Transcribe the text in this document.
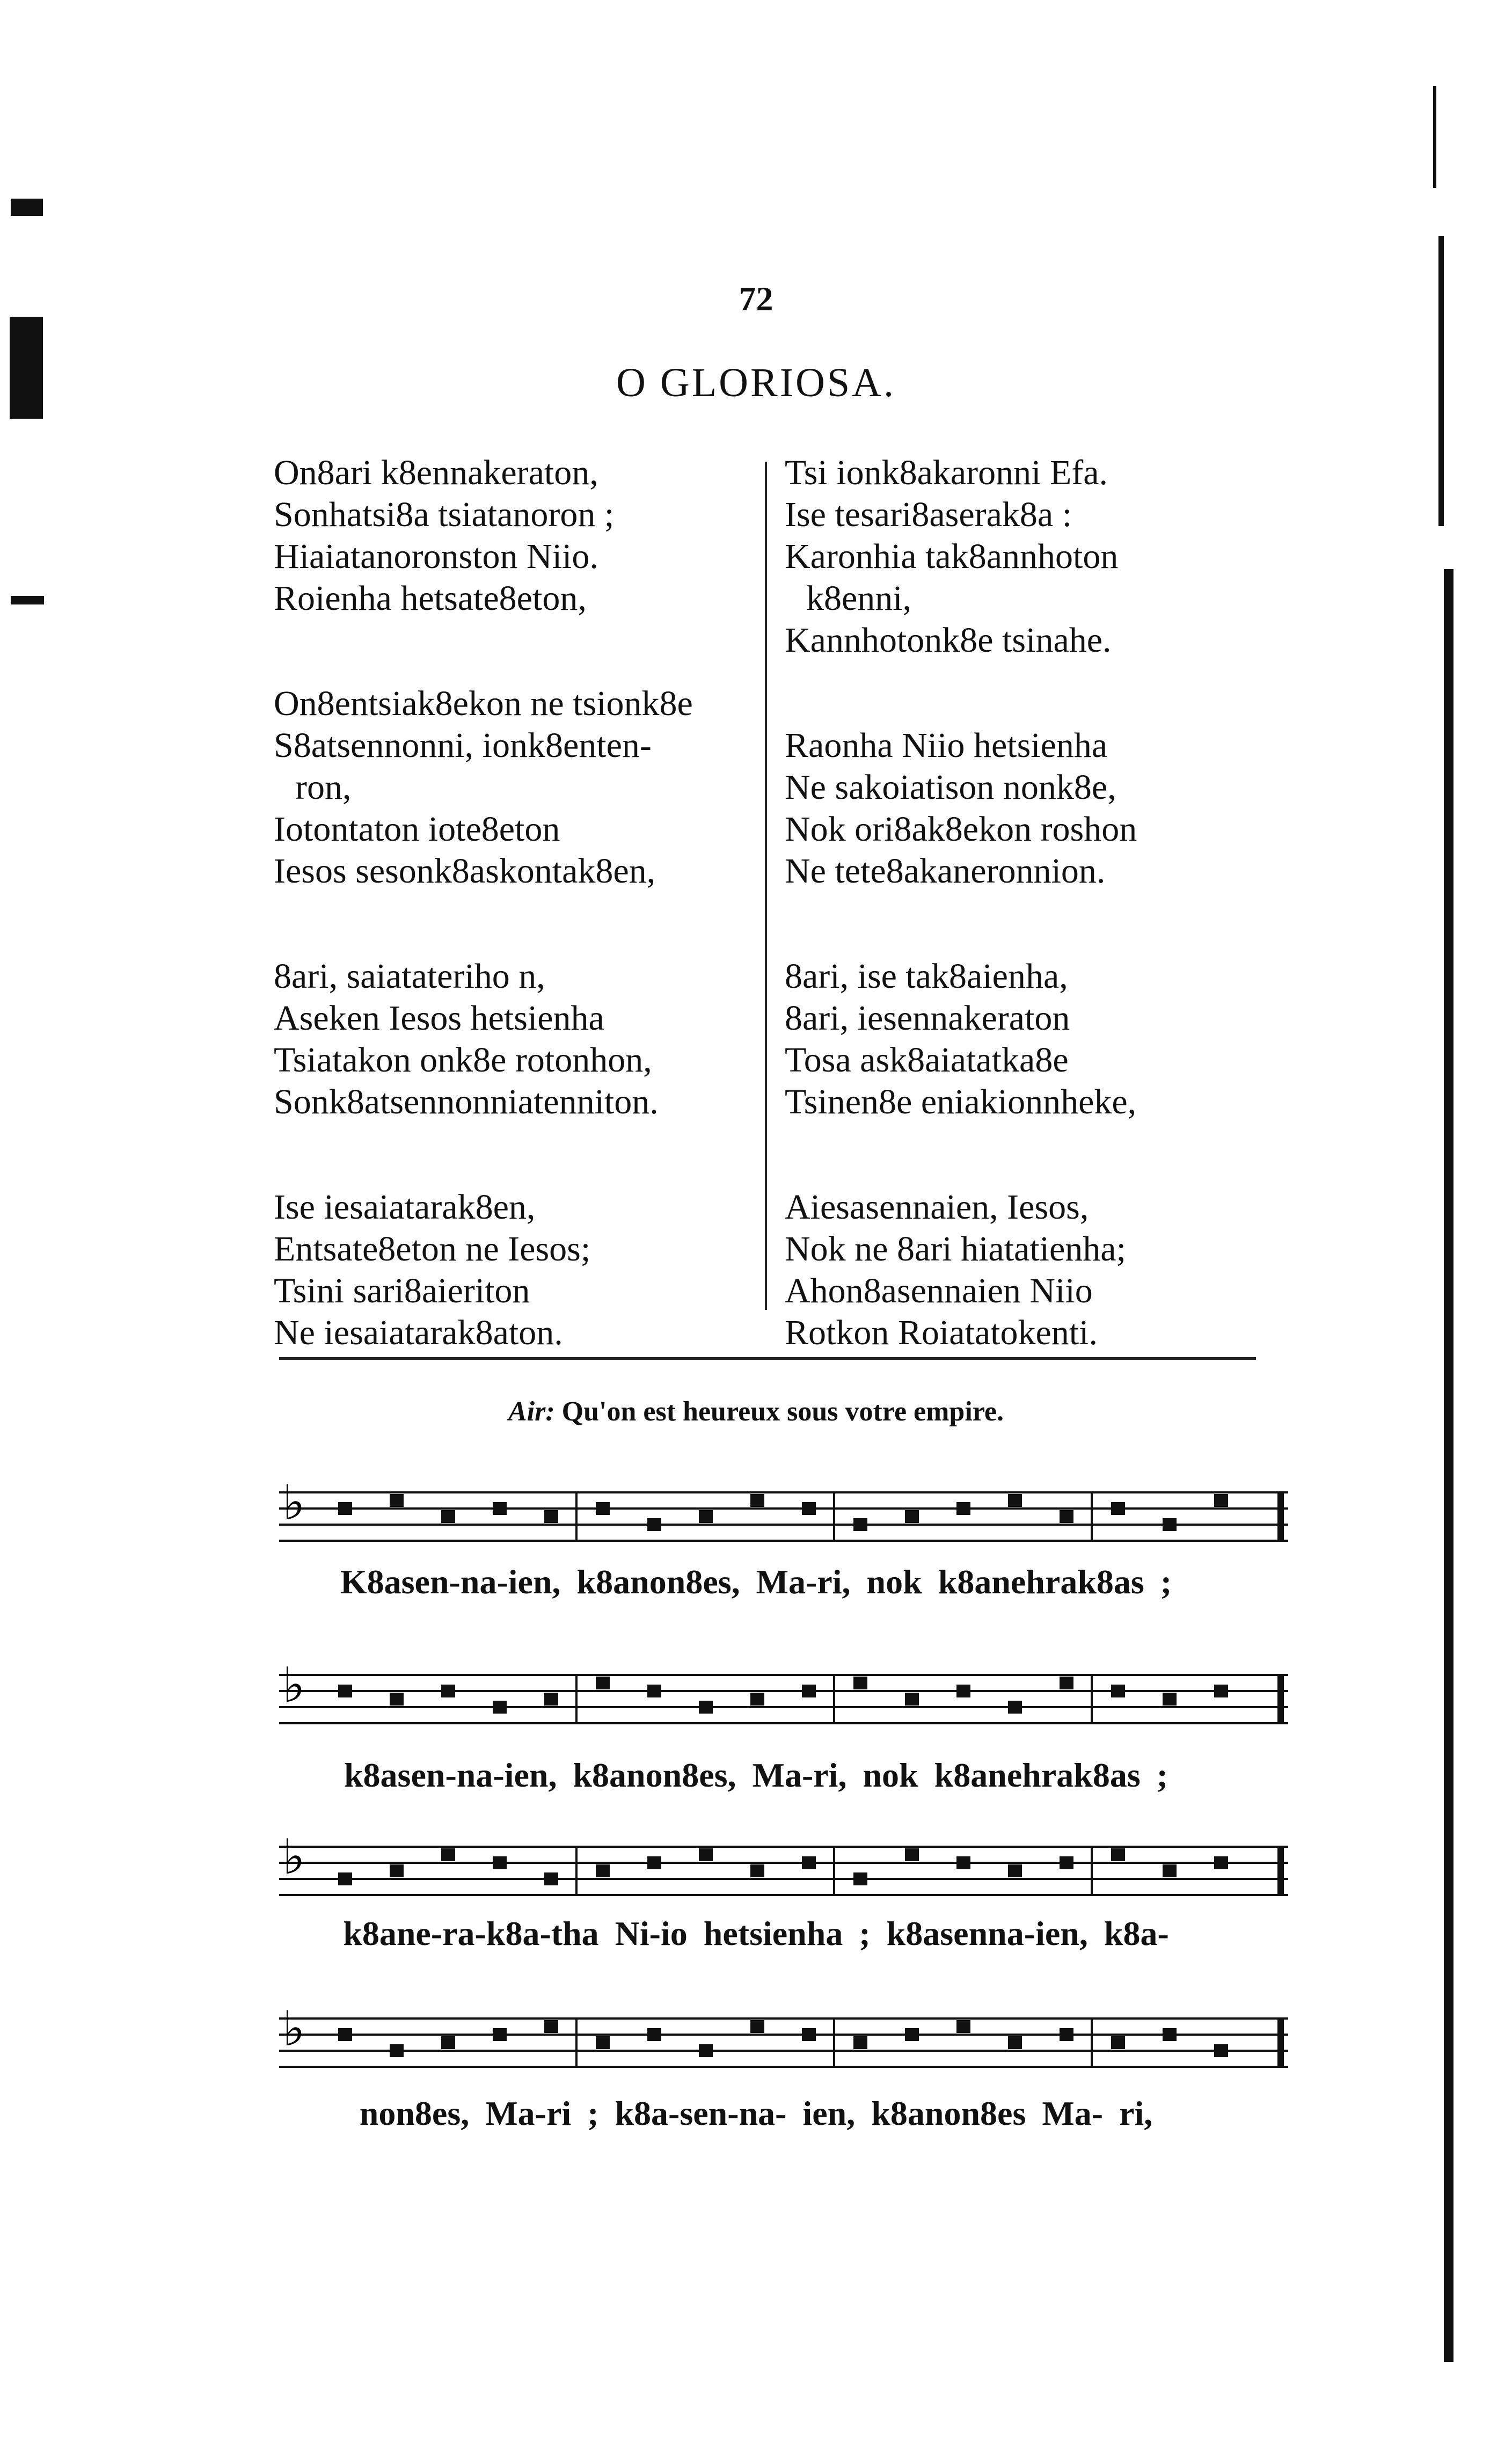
72
O GLORIOSA.
On8ari k8ennakeraton,
Sonhatsi8a tsiatanoron ;
Hiaiatanoronston Niio.
Roienha hetsate8eton,
On8entsiak8ekon ne tsionk8e
S8atsennonni, ionk8enten-
ron,
Iotontaton iote8eton
Iesos sesonk8askontak8en,
8ari, saiatateriho n,
Aseken Iesos hetsienha
Tsiatakon onk8e rotonhon,
Sonk8atsennonniatenniton.
Ise iesaiatarak8en,
Entsate8eton ne Iesos;
Tsini sari8aieriton
Ne iesaiatarak8aton.
Tsi ionk8akaronni Efa.
Ise tesari8aserak8a :
Karonhia tak8annhoton
k8enni,
Kannhotonk8e tsinahe.
Raonha Niio hetsienha
Ne sakoiatison nonk8e,
Nok ori8ak8ekon roshon
Ne tete8akaneronnion.
8ari, ise tak8aienha,
8ari, iesennakeraton
Tosa ask8aiatatka8e
Tsinen8e eniakionnheke,
Aiesasennaien, Iesos,
Nok ne 8ari hiatatienha;
Ahon8asennaien Niio
Rotkon Roiatatokenti.
Air: Qu'on est heureux sous votre empire.
♭
K8asen-na-ien, k8anon8es, Ma-ri, nok k8anehrak8as ;
♭
k8asen-na-ien, k8anon8es, Ma-ri, nok k8anehrak8as ;
♭
k8ane-ra-k8a-tha Ni-io hetsienha ; k8asenna-ien, k8a-
♭
non8es, Ma-ri ; k8a-sen-na- ien, k8anon8es Ma- ri,
